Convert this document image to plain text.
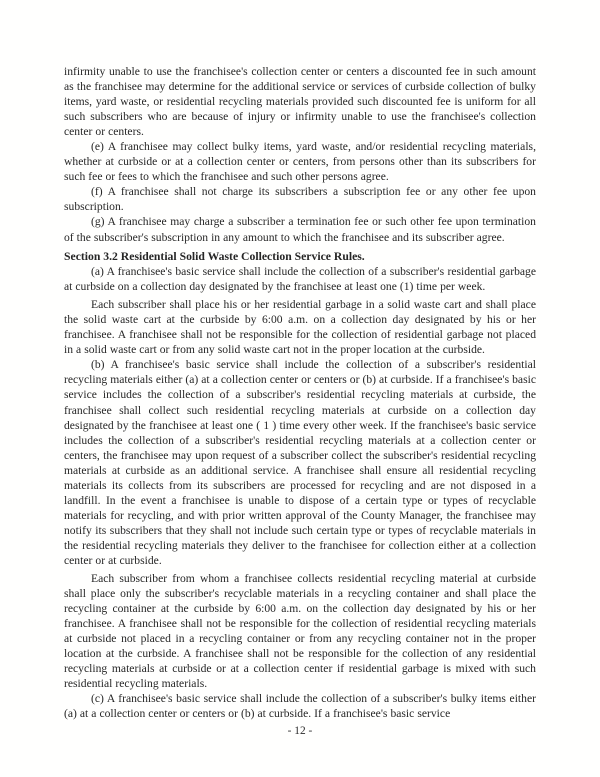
infirmity unable to use the franchisee's collection center or centers a discounted fee in such amount as the franchisee may determine for the additional service or services of curbside collection of bulky items, yard waste, or residential recycling materials provided such discounted fee is uniform for all such subscribers who are because of injury or infirmity unable to use the franchisee's collection center or centers.

(e) A franchisee may collect bulky items, yard waste, and/or residential recycling materials, whether at curbside or at a collection center or centers, from persons other than its subscribers for such fee or fees to which the franchisee and such other persons agree.

(f) A franchisee shall not charge its subscribers a subscription fee or any other fee upon subscription.

(g) A franchisee may charge a subscriber a termination fee or such other fee upon termination of the subscriber's subscription in any amount to which the franchisee and its subscriber agree.

Section 3.2 Residential Solid Waste Collection Service Rules.

(a) A franchisee's basic service shall include the collection of a subscriber's residential garbage at curbside on a collection day designated by the franchisee at least one (1) time per week.

Each subscriber shall place his or her residential garbage in a solid waste cart and shall place the solid waste cart at the curbside by 6:00 a.m. on a collection day designated by his or her franchisee. A franchisee shall not be responsible for the collection of residential garbage not placed in a solid waste cart or from any solid waste cart not in the proper location at the curbside.

(b) A franchisee's basic service shall include the collection of a subscriber's residential recycling materials either (a) at a collection center or centers or (b) at curbside. If a franchisee's basic service includes the collection of a subscriber's residential recycling materials at curbside, the franchisee shall collect such residential recycling materials at curbside on a collection day designated by the franchisee at least one ( 1 ) time every other week. If the franchisee's basic service includes the collection of a subscriber's residential recycling materials at a collection center or centers, the franchisee may upon request of a subscriber collect the subscriber's residential recycling materials at curbside as an additional service. A franchisee shall ensure all residential recycling materials its collects from its subscribers are processed for recycling and are not disposed in a landfill. In the event a franchisee is unable to dispose of a certain type or types of recyclable materials for recycling, and with prior written approval of the County Manager, the franchisee may notify its subscribers that they shall not include such certain type or types of recyclable materials in the residential recycling materials they deliver to the franchisee for collection either at a collection center or at curbside.

Each subscriber from whom a franchisee collects residential recycling material at curbside shall place only the subscriber's recyclable materials in a recycling container and shall place the recycling container at the curbside by 6:00 a.m. on the collection day designated by his or her franchisee. A franchisee shall not be responsible for the collection of residential recycling materials at curbside not placed in a recycling container or from any recycling container not in the proper location at the curbside. A franchisee shall not be responsible for the collection of any residential recycling materials at curbside or at a collection center if residential garbage is mixed with such residential recycling materials.

(c) A franchisee's basic service shall include the collection of a subscriber's bulky items either (a) at a collection center or centers or (b) at curbside. If a franchisee's basic service

- 12 -
